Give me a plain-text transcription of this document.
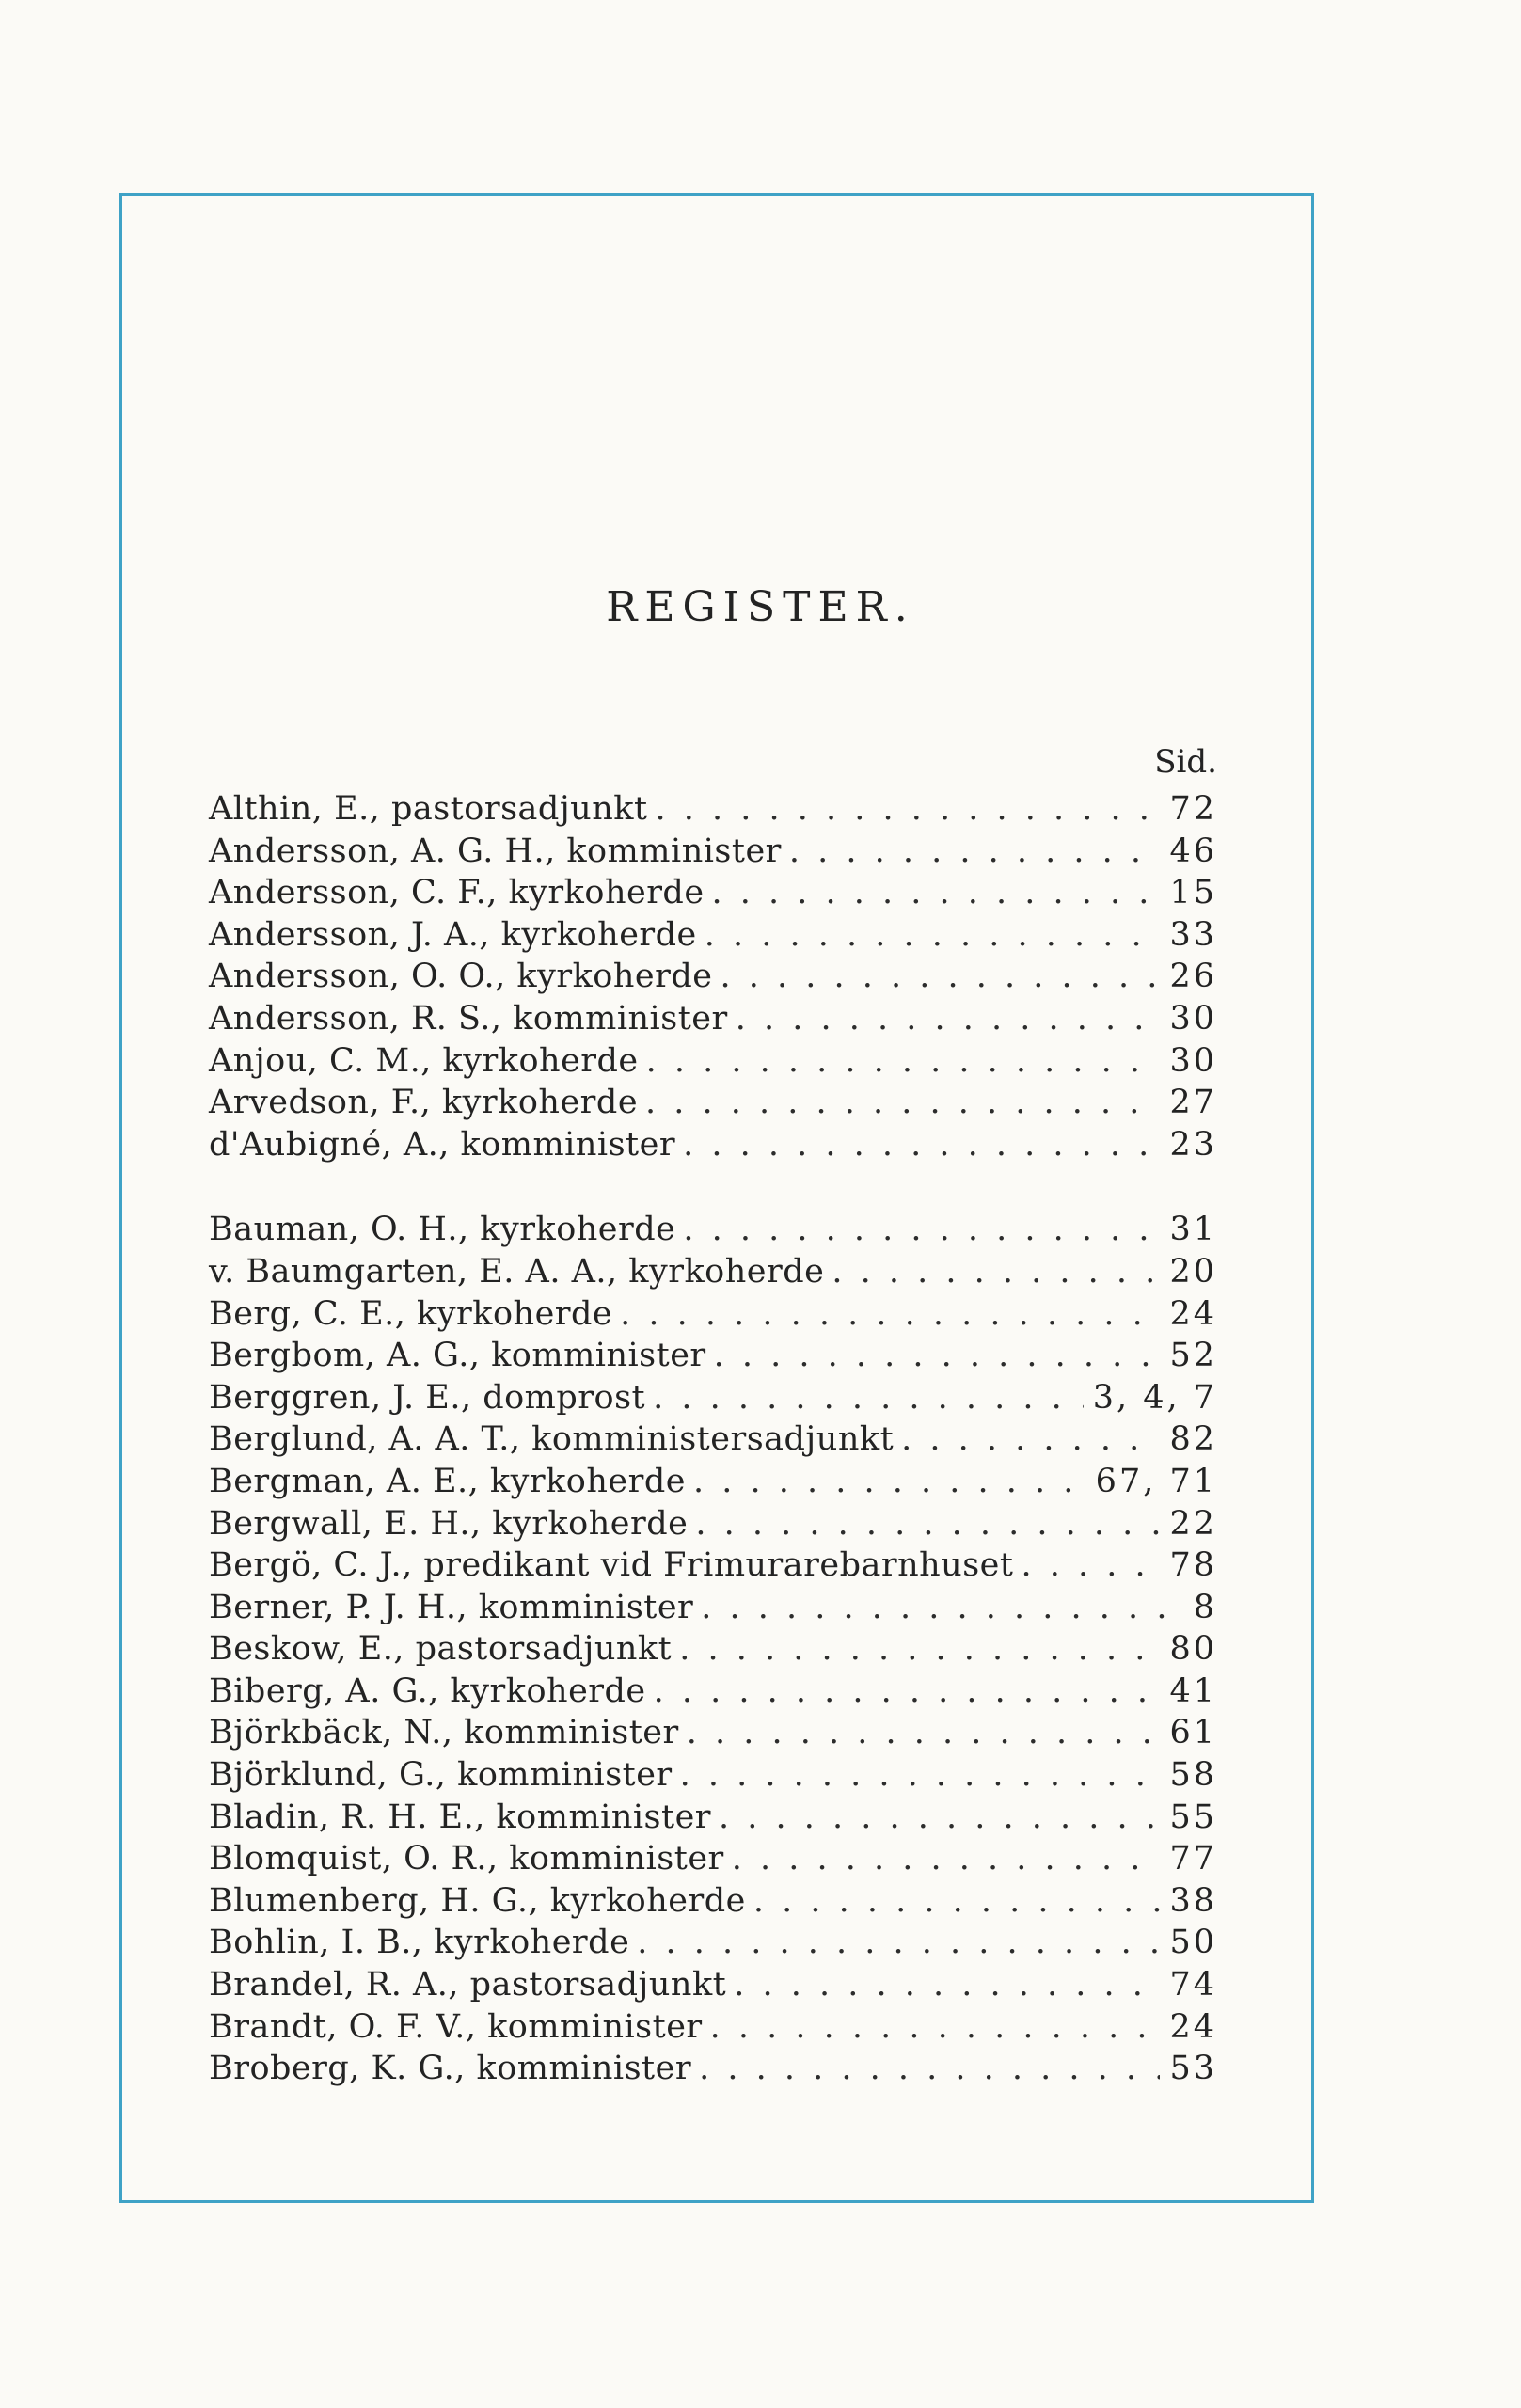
REGISTER.
Sid.
Althin, E., pastorsadjunkt . . .	72
Andersson, A. G. H., komminister . . .	46
Andersson, C. F., kyrkoherde . . .	15
Andersson, J. A., kyrkoherde . . .	33
Andersson, O. O., kyrkoherde . . .	26
Andersson, R. S., komminister . . .	30
Anjou, C. M., kyrkoherde . . .	30
Arvedson, F., kyrkoherde . . .	27
d'Aubigné, A., komminister . . .	23
Bauman, O. H., kyrkoherde . . .	31
v. Baumgarten, E. A. A., kyrkoherde . . .	20
Berg, C. E., kyrkoherde . . .	24
Bergbom, A. G., komminister . . .	52
Berggren, J. E., domprost . . .	3, 4, 7
Berglund, A. A. T., komministersadjunkt . . .	82
Bergman, A. E., kyrkoherde . . .	67, 71
Bergwall, E. H., kyrkoherde . . .	22
Bergö, C. J., predikant vid Frimurarebarnhuset . . .	78
Berner, P. J. H., komminister . . .	8
Beskow, E., pastorsadjunkt . . .	80
Biberg, A. G., kyrkoherde . . .	41
Björkbäck, N., komminister . . .	61
Björklund, G., komminister . . .	58
Bladin, R. H. E., komminister . . .	55
Blomquist, O. R., komminister . . .	77
Blumenberg, H. G., kyrkoherde . . .	38
Bohlin, I. B., kyrkoherde . . .	50
Brandel, R. A., pastorsadjunkt . . .	74
Brandt, O. F. V., komminister . . .	24
Broberg, K. G., komminister . . .	53
